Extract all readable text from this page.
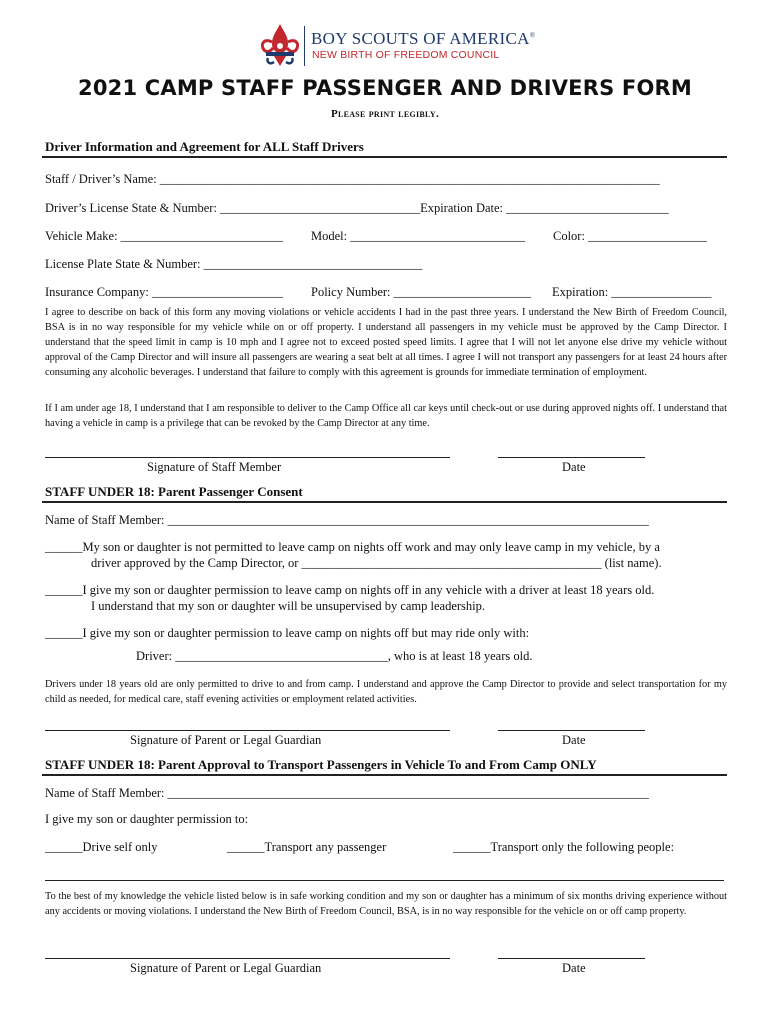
BOY SCOUTS OF AMERICA®
NEW BIRTH OF FREEDOM COUNCIL
2021 CAMP STAFF PASSENGER AND DRIVERS FORM
Please print legibly.
Driver Information and Agreement for ALL Staff Drivers
Staff / Driver’s Name: ________________________________________________________________________________
Driver’s License State & Number: ________________________________Expiration Date: __________________________
Vehicle Make: __________________________ Model: ____________________________ Color: ___________________
License Plate State & Number: ___________________________________
Insurance Company: _____________________ Policy Number: ______________________ Expiration: ________________
I agree to describe on back of this form any moving violations or vehicle accidents I had in the past three years. I understand the New Birth of Freedom Council, BSA is in no way responsible for my vehicle while on or off property. I understand all passengers in my vehicle must be approved by the Camp Director. I understand that the speed limit in camp is 10 mph and I agree not to exceed posted speed limits. I agree that I will not let anyone else drive my vehicle without approval of the Camp Director and will insure all passengers are wearing a seat belt at all times. I agree I will not transport any passengers for at least 24 hours after consuming any alcoholic beverages. I understand that failure to comply with this agreement is grounds for immediate termination of employment.
If I am under age 18, I understand that I am responsible to deliver to the Camp Office all car keys until check-out or use during approved nights off. I understand that having a vehicle in camp is a privilege that can be revoked by the Camp Director at any time.
Signature of Staff Member	Date
STAFF UNDER 18: Parent Passenger Consent
Name of Staff Member: _____________________________________________________________________________
______My son or daughter is not permitted to leave camp on nights off work and may only leave camp in my vehicle, by a
driver approved by the Camp Director, or ________________________________________________ (list name).
______I give my son or daughter permission to leave camp on nights off in any vehicle with a driver at least 18 years old.
I understand that my son or daughter will be unsupervised by camp leadership.
______I give my son or daughter permission to leave camp on nights off but may ride only with:
Driver: __________________________________, who is at least 18 years old.
Drivers under 18 years old are only permitted to drive to and from camp. I understand and approve the Camp Director to provide and select transportation for my child as needed, for medical care, staff evening activities or employment related activities.
Signature of Parent or Legal Guardian	Date
STAFF UNDER 18: Parent Approval to Transport Passengers in Vehicle To and From Camp ONLY
Name of Staff Member: _____________________________________________________________________________
I give my son or daughter permission to:
______Drive self only	______Transport any passenger	______Transport only the following people:
To the best of my knowledge the vehicle listed below is in safe working condition and my son or daughter has a minimum of six months driving experience without any accidents or moving violations. I understand the New Birth of Freedom Council, BSA, is in no way responsible for the vehicle on or off camp property.
Signature of Parent or Legal Guardian	Date
